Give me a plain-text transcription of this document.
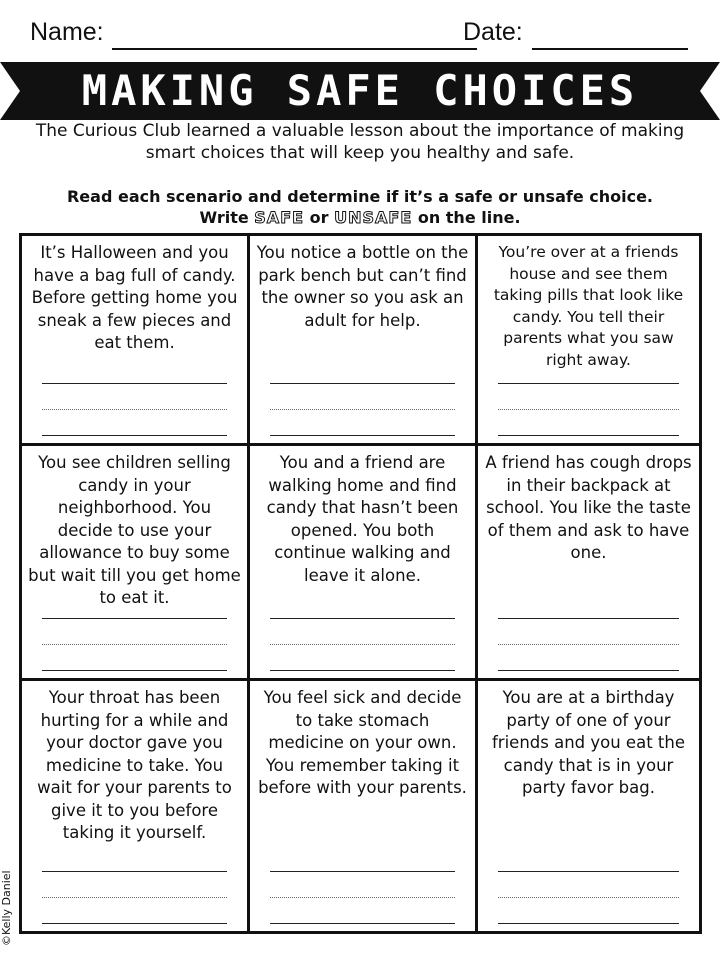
Name:	Date:
MAKING SAFE CHOICES
The Curious Club learned a valuable lesson about the importance of making smart choices that will keep you healthy and safe.
Read each scenario and determine if it’s a safe or unsafe choice.
Write SAFE or UNSAFE on the line.
It’s Halloween and you have a bag full of candy. Before getting home you sneak a few pieces and eat them.
You notice a bottle on the park bench but can’t find the owner so you ask an adult for help.
You’re over at a friends house and see them taking pills that look like candy. You tell their parents what you saw right away.
You see children selling candy in your neighborhood. You decide to use your allowance to buy some but wait till you get home to eat it.
You and a friend are walking home and find candy that hasn’t been opened. You both continue walking and leave it alone.
A friend has cough drops in their backpack at school. You like the taste of them and ask to have one.
Your throat has been hurting for a while and your doctor gave you medicine to take. You wait for your parents to give it to you before taking it yourself.
You feel sick and decide to take stomach medicine on your own. You remember taking it before with your parents.
You are at a birthday party of one of your friends and you eat the candy that is in your party favor bag.
©Kelly Daniel
